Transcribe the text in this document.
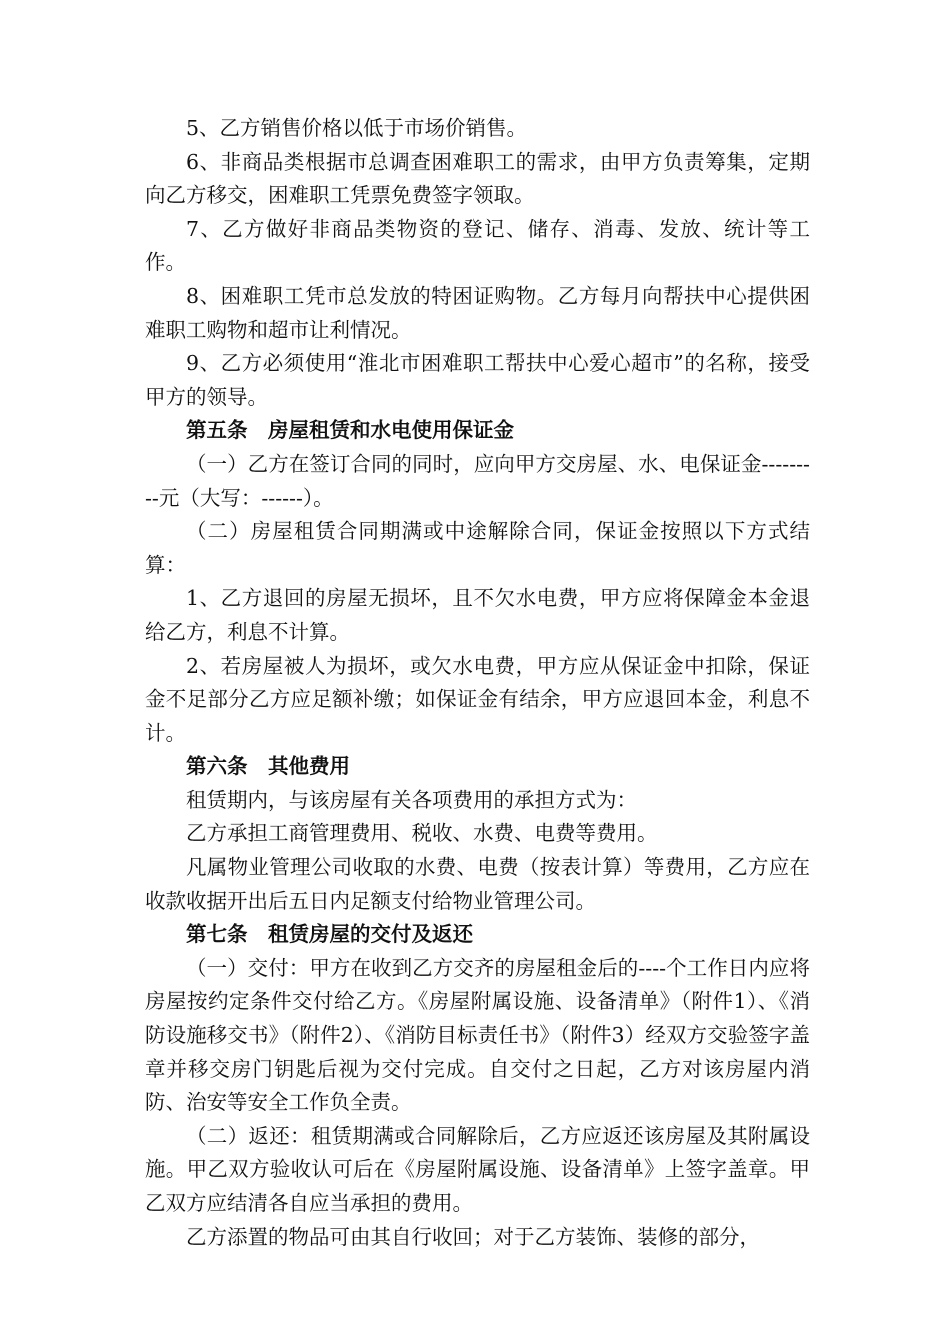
5、乙方销售价格以低于市场价销售。

6、非商品类根据市总调查困难职工的需求，由甲方负责筹集，定期向乙方移交，困难职工凭票免费签字领取。

7、乙方做好非商品类物资的登记、储存、消毒、发放、统计等工作。

8、困难职工凭市总发放的特困证购物。乙方每月向帮扶中心提供困难职工购物和超市让利情况。

9、乙方必须使用“淮北市困难职工帮扶中心爱心超市”的名称，接受甲方的领导。

第五条　房屋租赁和水电使用保证金

（一）乙方在签订合同的同时，应向甲方交房屋、水、电保证金---------元（大写：------）。

（二）房屋租赁合同期满或中途解除合同，保证金按照以下方式结算：

1、乙方退回的房屋无损坏，且不欠水电费，甲方应将保障金本金退给乙方，利息不计算。

2、若房屋被人为损坏，或欠水电费，甲方应从保证金中扣除，保证金不足部分乙方应足额补缴；如保证金有结余，甲方应退回本金，利息不计。

第六条　其他费用

租赁期内，与该房屋有关各项费用的承担方式为：

乙方承担工商管理费用、税收、水费、电费等费用。

凡属物业管理公司收取的水费、电费（按表计算）等费用，乙方应在收款收据开出后五日内足额支付给物业管理公司。

第七条　租赁房屋的交付及返还

（一）交付：甲方在收到乙方交齐的房屋租金后的----个工作日内应将房屋按约定条件交付给乙方。《房屋附属设施、设备清单》（附件1）、《消防设施移交书》（附件2）、《消防目标责任书》（附件3）经双方交验签字盖章并移交房门钥匙后视为交付完成。自交付之日起，乙方对该房屋内消防、治安等安全工作负全责。

（二）返还：租赁期满或合同解除后，乙方应返还该房屋及其附属设施。甲乙双方验收认可后在《房屋附属设施、设备清单》上签字盖章。甲乙双方应结清各自应当承担的费用。

乙方添置的物品可由其自行收回；对于乙方装饰、装修的部分，
